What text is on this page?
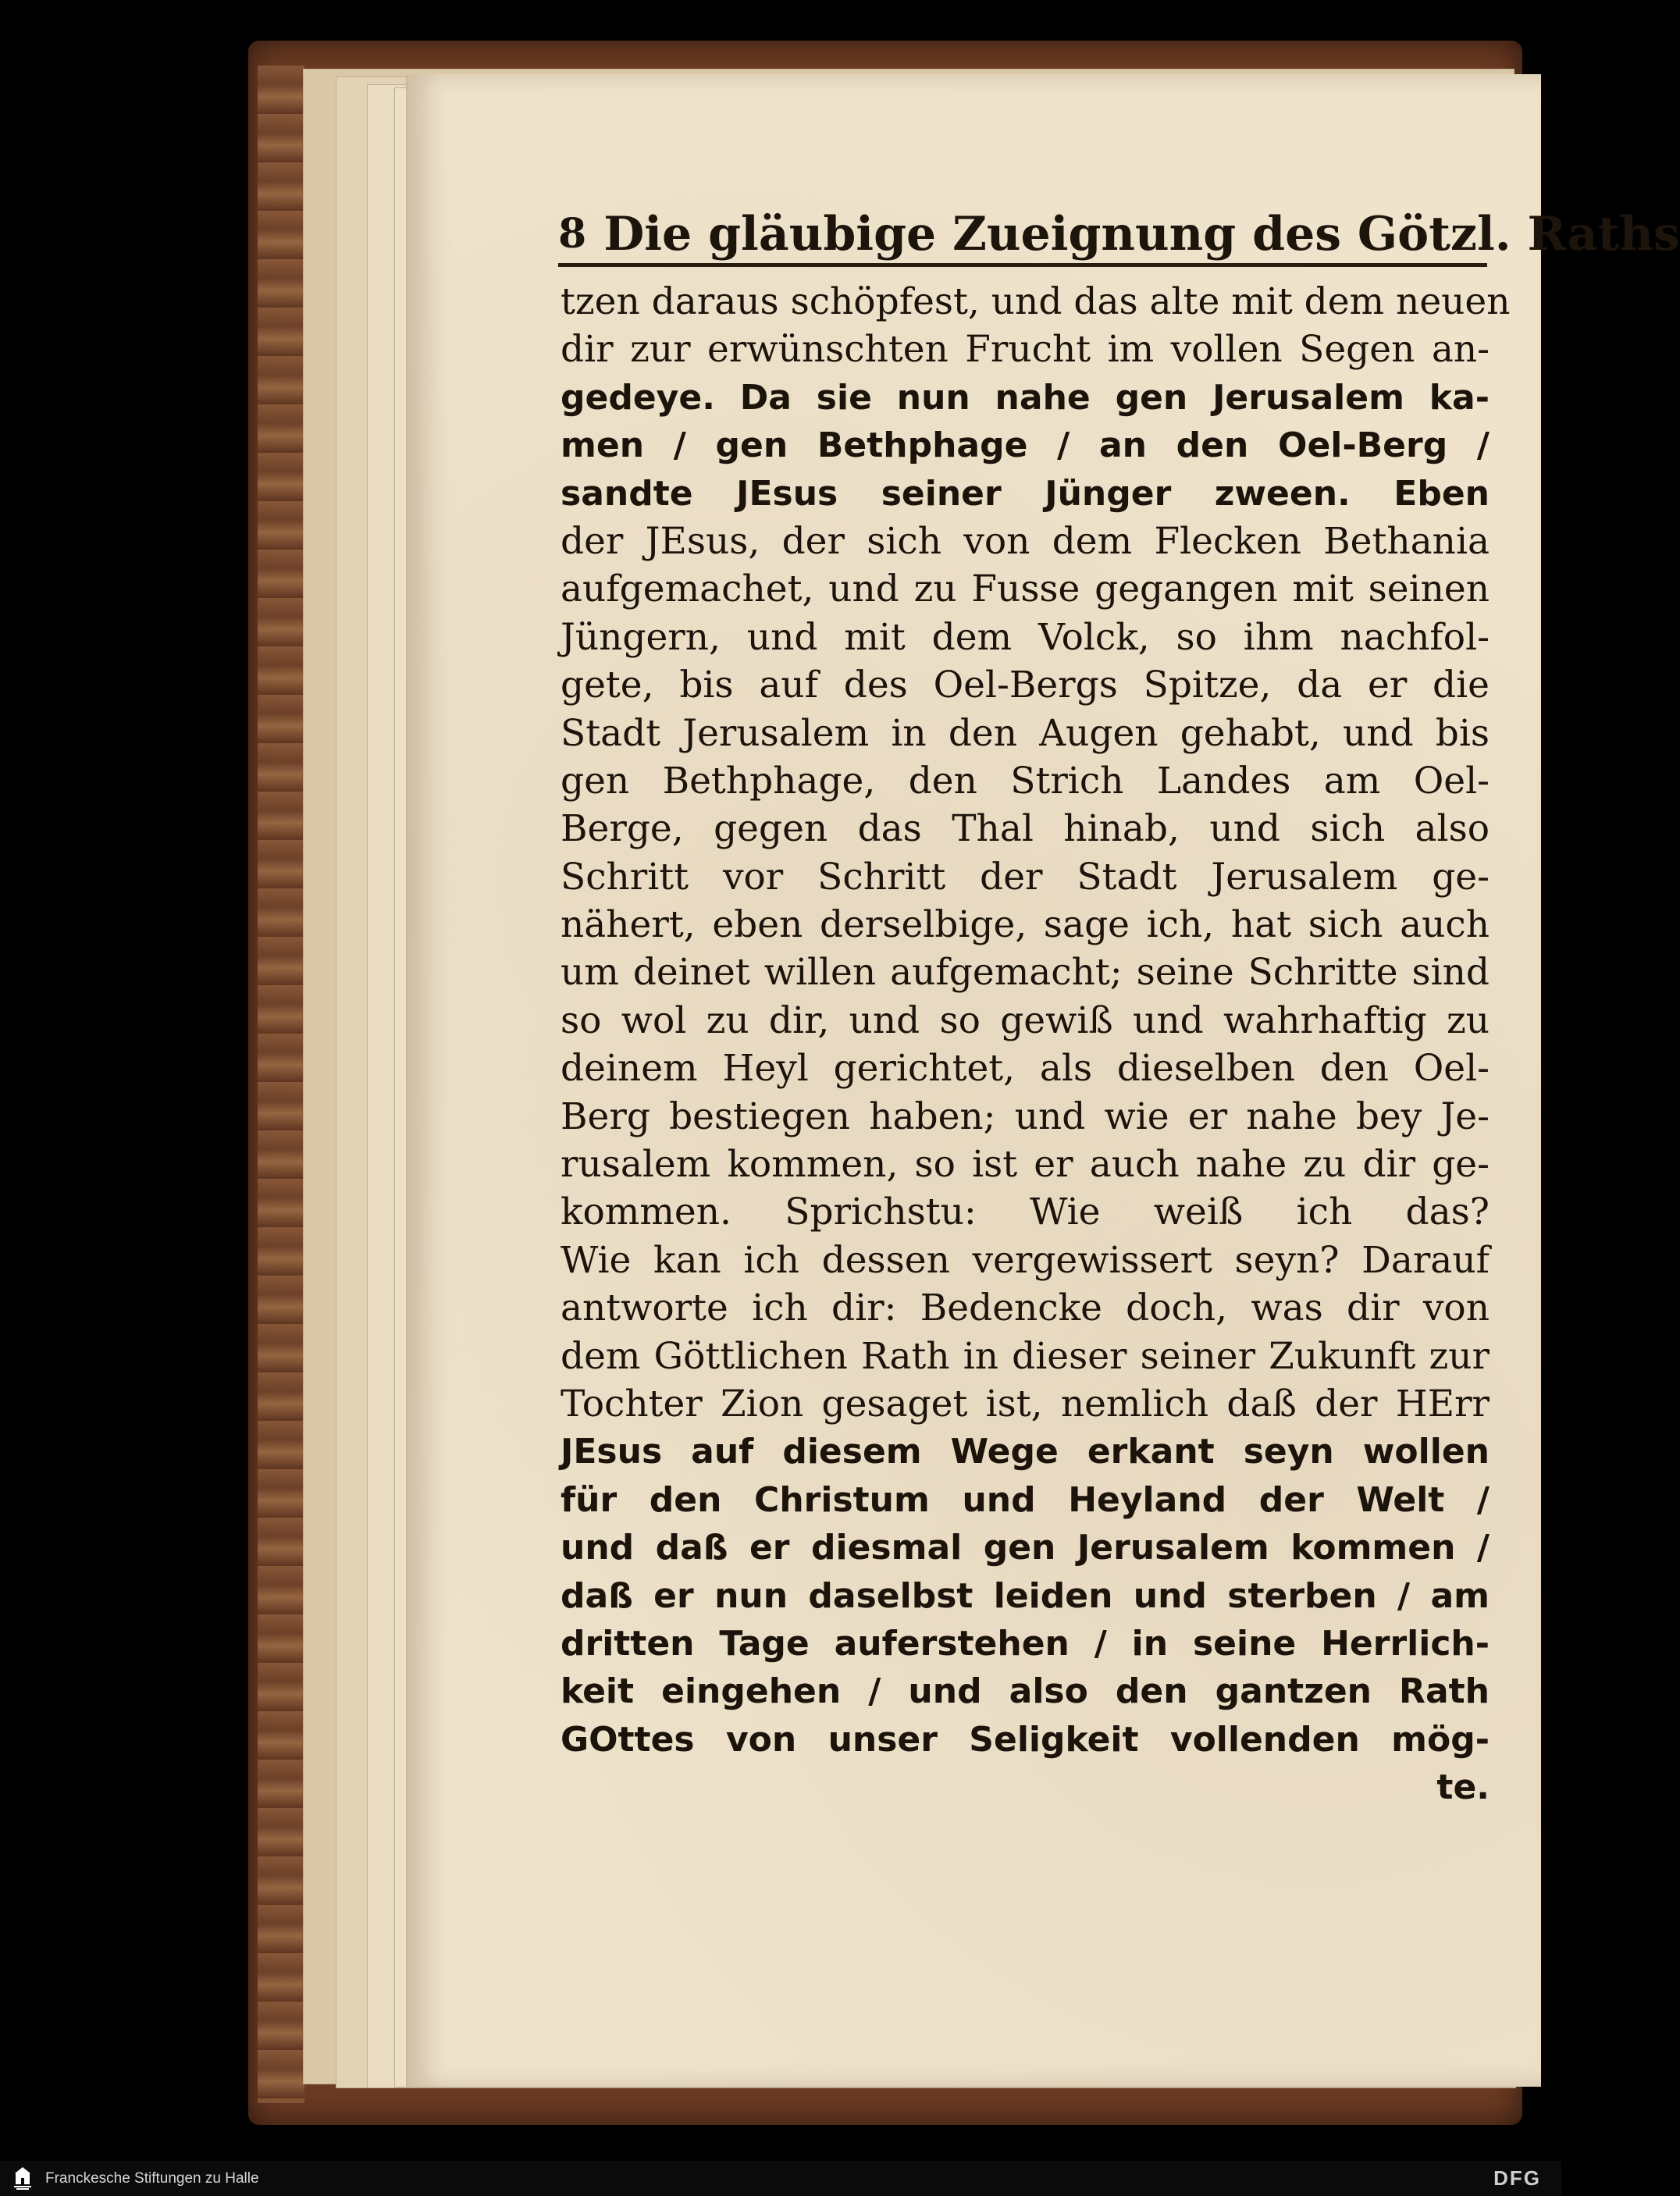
8 Die gläubige Zueignung des Götzl. Raths
tzen daraus schöpfest, und das alte mit dem neuen
dir zur erwünschten Frucht im vollen Segen an-
gedeye. Da sie nun nahe gen Jerusalem ka-
men / gen Bethphage / an den Oel-Berg /
sandte JEsus seiner Jünger zween. Eben
der JEsus, der sich von dem Flecken Bethania
aufgemachet, und zu Fusse gegangen mit seinen
Jüngern, und mit dem Volck, so ihm nachfol-
gete, bis auf des Oel-Bergs Spitze, da er die
Stadt Jerusalem in den Augen gehabt, und bis
gen Bethphage, den Strich Landes am Oel-
Berge, gegen das Thal hinab, und sich also
Schritt vor Schritt der Stadt Jerusalem ge-
nähert, eben derselbige, sage ich, hat sich auch
um deinet willen aufgemacht; seine Schritte sind
so wol zu dir, und so gewiß und wahrhaftig zu
deinem Heyl gerichtet, als dieselben den Oel-
Berg bestiegen haben; und wie er nahe bey Je-
rusalem kommen, so ist er auch nahe zu dir ge-
kommen. Sprichstu: Wie weiß ich das?
Wie kan ich dessen vergewissert seyn? Darauf
antworte ich dir: Bedencke doch, was dir von
dem Göttlichen Rath in dieser seiner Zukunft zur
Tochter Zion gesaget ist, nemlich daß der HErr
JEsus auf diesem Wege erkant seyn wollen
für den Christum und Heyland der Welt /
und daß er diesmal gen Jerusalem kommen /
daß er nun daselbst leiden und sterben / am
dritten Tage auferstehen / in seine Herrlich-
keit eingehen / und also den gantzen Rath
GOttes von unser Seligkeit vollenden mög-
te.
Franckesche Stiftungen zu Halle	DFG
